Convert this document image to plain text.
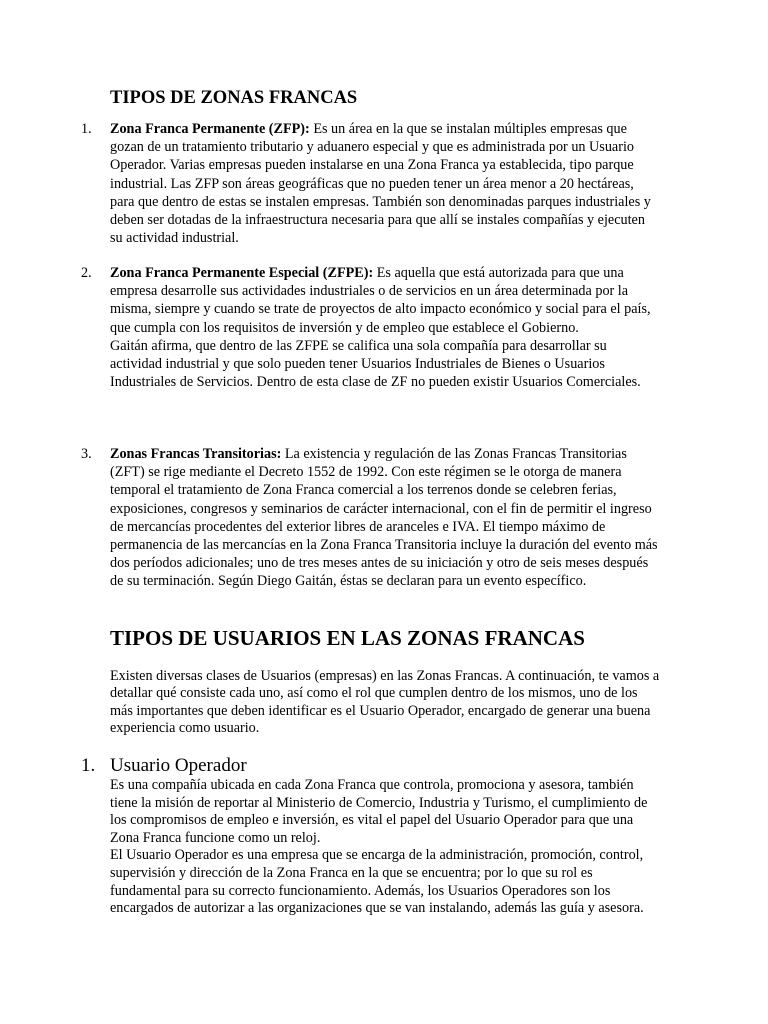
TIPOS DE ZONAS FRANCAS
1.	Zona Franca Permanente (ZFP): Es un área en la que se instalan múltiples empresas que gozan de un tratamiento tributario y aduanero especial y que es administrada por un Usuario Operador. Varias empresas pueden instalarse en una Zona Franca ya establecida, tipo parque industrial. Las ZFP son áreas geográficas que no pueden tener un área menor a 20 hectáreas, para que dentro de estas se instalen empresas. También son denominadas parques industriales y deben ser dotadas de la infraestructura necesaria para que allí se instales compañías y ejecuten su actividad industrial.

2.	Zona Franca Permanente Especial (ZFPE): Es aquella que está autorizada para que una empresa desarrolle sus actividades industriales o de servicios en un área determinada por la misma, siempre y cuando se trate de proyectos de alto impacto económico y social para el país, que cumpla con los requisitos de inversión y de empleo que establece el Gobierno.

Gaitán afirma, que dentro de las ZFPE se califica una sola compañía para desarrollar su actividad industrial y que solo pueden tener Usuarios Industriales de Bienes o Usuarios Industriales de Servicios. Dentro de esta clase de ZF no pueden existir Usuarios Comerciales.

3.	Zonas Francas Transitorias: La existencia y regulación de las Zonas Francas Transitorias (ZFT) se rige mediante el Decreto 1552 de 1992. Con este régimen se le otorga de manera temporal el tratamiento de Zona Franca comercial a los terrenos donde se celebren ferias, exposiciones, congresos y seminarios de carácter internacional, con el fin de permitir el ingreso de mercancías procedentes del exterior libres de aranceles e IVA. El tiempo máximo de permanencia de las mercancías en la Zona Franca Transitoria incluye la duración del evento más dos períodos adicionales; uno de tres meses antes de su iniciación y otro de seis meses después de su terminación. Según Diego Gaitán, éstas se declaran para un evento específico.

TIPOS DE USUARIOS EN LAS ZONAS FRANCAS
Existen diversas clases de Usuarios (empresas) en las Zonas Francas. A continuación, te vamos a detallar qué consiste cada uno, así como el rol que cumplen dentro de los mismos, uno de los más importantes que deben identificar es el Usuario Operador, encargado de generar una buena experiencia como usuario.
1. Usuario Operador

Es una compañía ubicada en cada Zona Franca que controla, promociona y asesora, también tiene la misión de reportar al Ministerio de Comercio, Industria y Turismo, el cumplimiento de los compromisos de empleo e inversión, es vital el papel del Usuario Operador para que una Zona Franca funcione como un reloj.

El Usuario Operador es una empresa que se encarga de la administración, promoción, control, supervisión y dirección de la Zona Franca en la que se encuentra; por lo que su rol es fundamental para su correcto funcionamiento. Además, los Usuarios Operadores son los encargados de autorizar a las organizaciones que se van instalando, además las guía y asesora.
